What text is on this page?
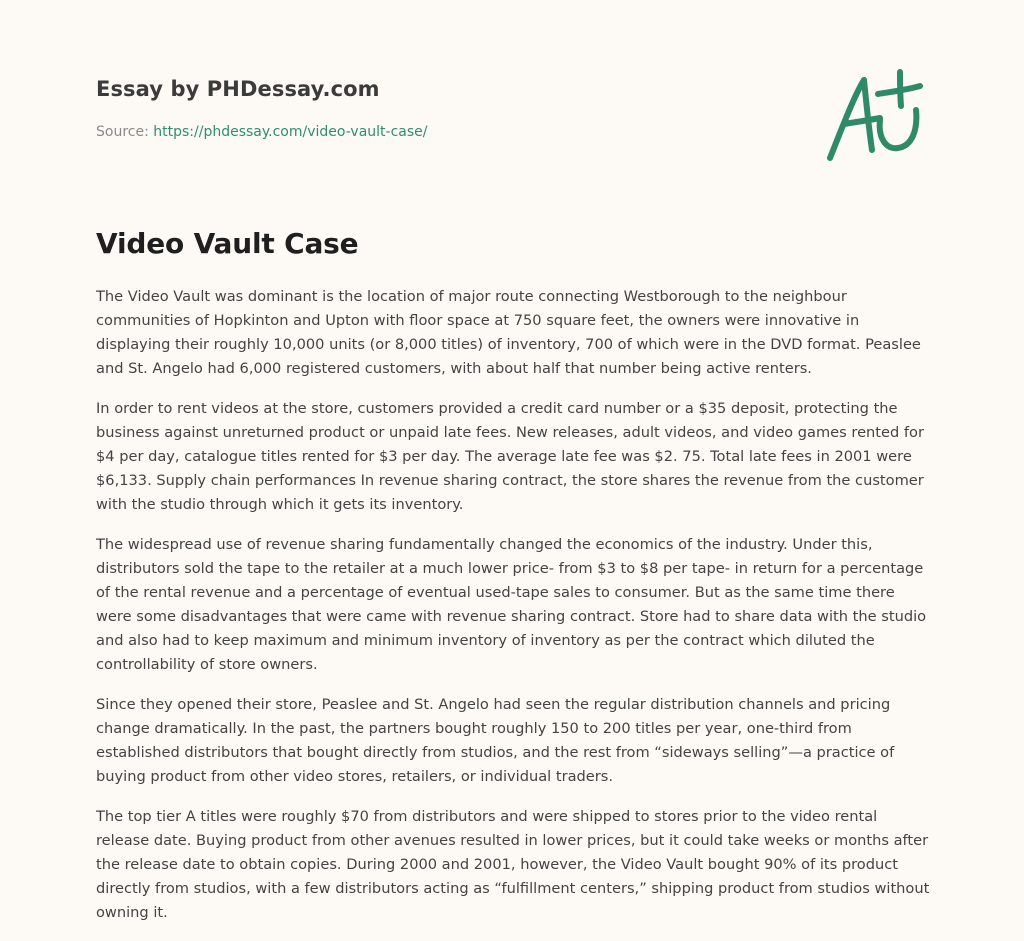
Essay by PHDessay.com
Source: https://phdessay.com/video-vault-case/
Video Vault Case

The Video Vault was dominant is the location of major route connecting Westborough to the neighbour communities of Hopkinton and Upton with floor space at 750 square feet, the owners were innovative in displaying their roughly 10,000 units (or 8,000 titles) of inventory, 700 of which were in the DVD format. Peaslee and St. Angelo had 6,000 registered customers, with about half that number being active renters.

In order to rent videos at the store, customers provided a credit card number or a $35 deposit, protecting the business against unreturned product or unpaid late fees. New releases, adult videos, and video games rented for $4 per day, catalogue titles rented for $3 per day. The average late fee was $2. 75. Total late fees in 2001 were $6,133. Supply chain performances In revenue sharing contract, the store shares the revenue from the customer with the studio through which it gets its inventory.

The widespread use of revenue sharing fundamentally changed the economics of the industry. Under this, distributors sold the tape to the retailer at a much lower price- from $3 to $8 per tape- in return for a percentage of the rental revenue and a percentage of eventual used-tape sales to consumer. But as the same time there were some disadvantages that were came with revenue sharing contract. Store had to share data with the studio and also had to keep maximum and minimum inventory of inventory as per the contract which diluted the controllability of store owners.

Since they opened their store, Peaslee and St. Angelo had seen the regular distribution channels and pricing change dramatically. In the past, the partners bought roughly 150 to 200 titles per year, one-third from established distributors that bought directly from studios, and the rest from “sideways selling”—a practice of buying product from other video stores, retailers, or individual traders.

The top tier A titles were roughly $70 from distributors and were shipped to stores prior to the video rental release date. Buying product from other avenues resulted in lower prices, but it could take weeks or months after the release date to obtain copies. During 2000 and 2001, however, the Video Vault bought 90% of its product directly from studios, with a few distributors acting as “fulfillment centers,” shipping product from studios without owning it.
